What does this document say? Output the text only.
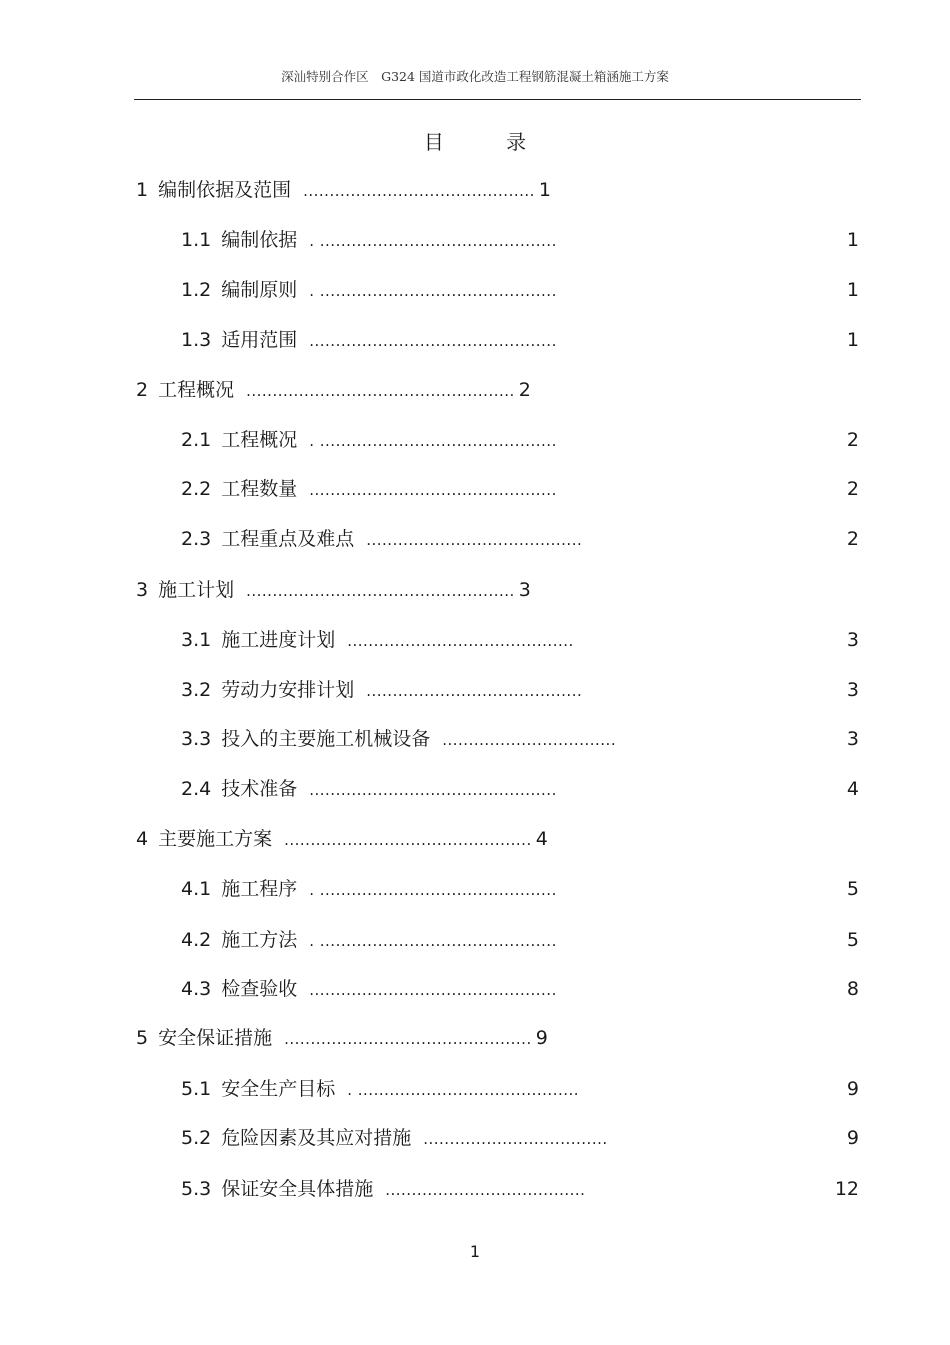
深汕特别合作区　G324 国道市政化改造工程钢筋混凝土箱涵施工方案
目 录
1 编制依据及范围 ............................................ 1
1.1编制依据 . .............................................	1
1.2编制原则 . .............................................	1
1.3 适用范围 ...............................................	1
2 工程概况 ................................................... 2
2.1工程概况 . .............................................	2
2.2 工程数量 ...............................................	2
2.3 工程重点及难点 .........................................	2
3 施工计划 ................................................... 3
3.1 施工进度计划 ...........................................	3
3.2 劳动力安排计划 .........................................	3
3.3 投入的主要施工机械设备 .................................	3
2.4 技术准备 ...............................................	4
4 主要施工方案 ............................................... 4
4.1施工程序 . .............................................	5
4.2施工方法 . .............................................	5
4.3 检查验收 ...............................................	8
5 安全保证措施 ............................................... 9
5.1安全生产目标 . ..........................................	9
5.2 危险因素及其应对措施 ...................................	9
5.3 保证安全具体措施 ......................................	12
1
